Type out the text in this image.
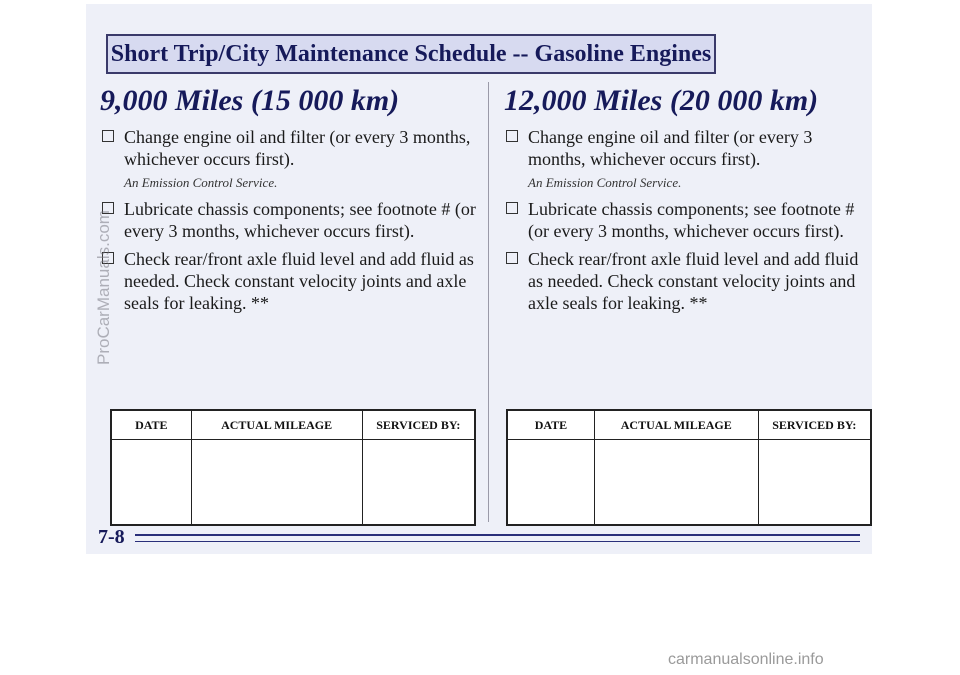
Short Trip/City Maintenance Schedule -- Gasoline Engines
9,000 Miles (15 000 km)
Change engine oil and filter (or every 3 months, whichever occurs first).
An Emission Control Service.
Lubricate chassis components; see footnote # (or every 3 months, whichever occurs first).
Check rear/front axle fluid level and add fluid as needed. Check constant velocity joints and axle seals for leaking. **
12,000 Miles (20 000 km)
Change engine oil and filter (or every 3 months, whichever occurs first).
An Emission Control Service.
Lubricate chassis components; see footnote # (or every 3 months, whichever occurs first).
Check rear/front axle fluid level and add fluid as needed. Check constant velocity joints and axle seals for leaking. **
DATE	ACTUAL MILEAGE	SERVICED BY:
			DATE	ACTUAL MILEAGE	SERVICED BY:

7-8
ProCarManuals.com
carmanualsonline.info
